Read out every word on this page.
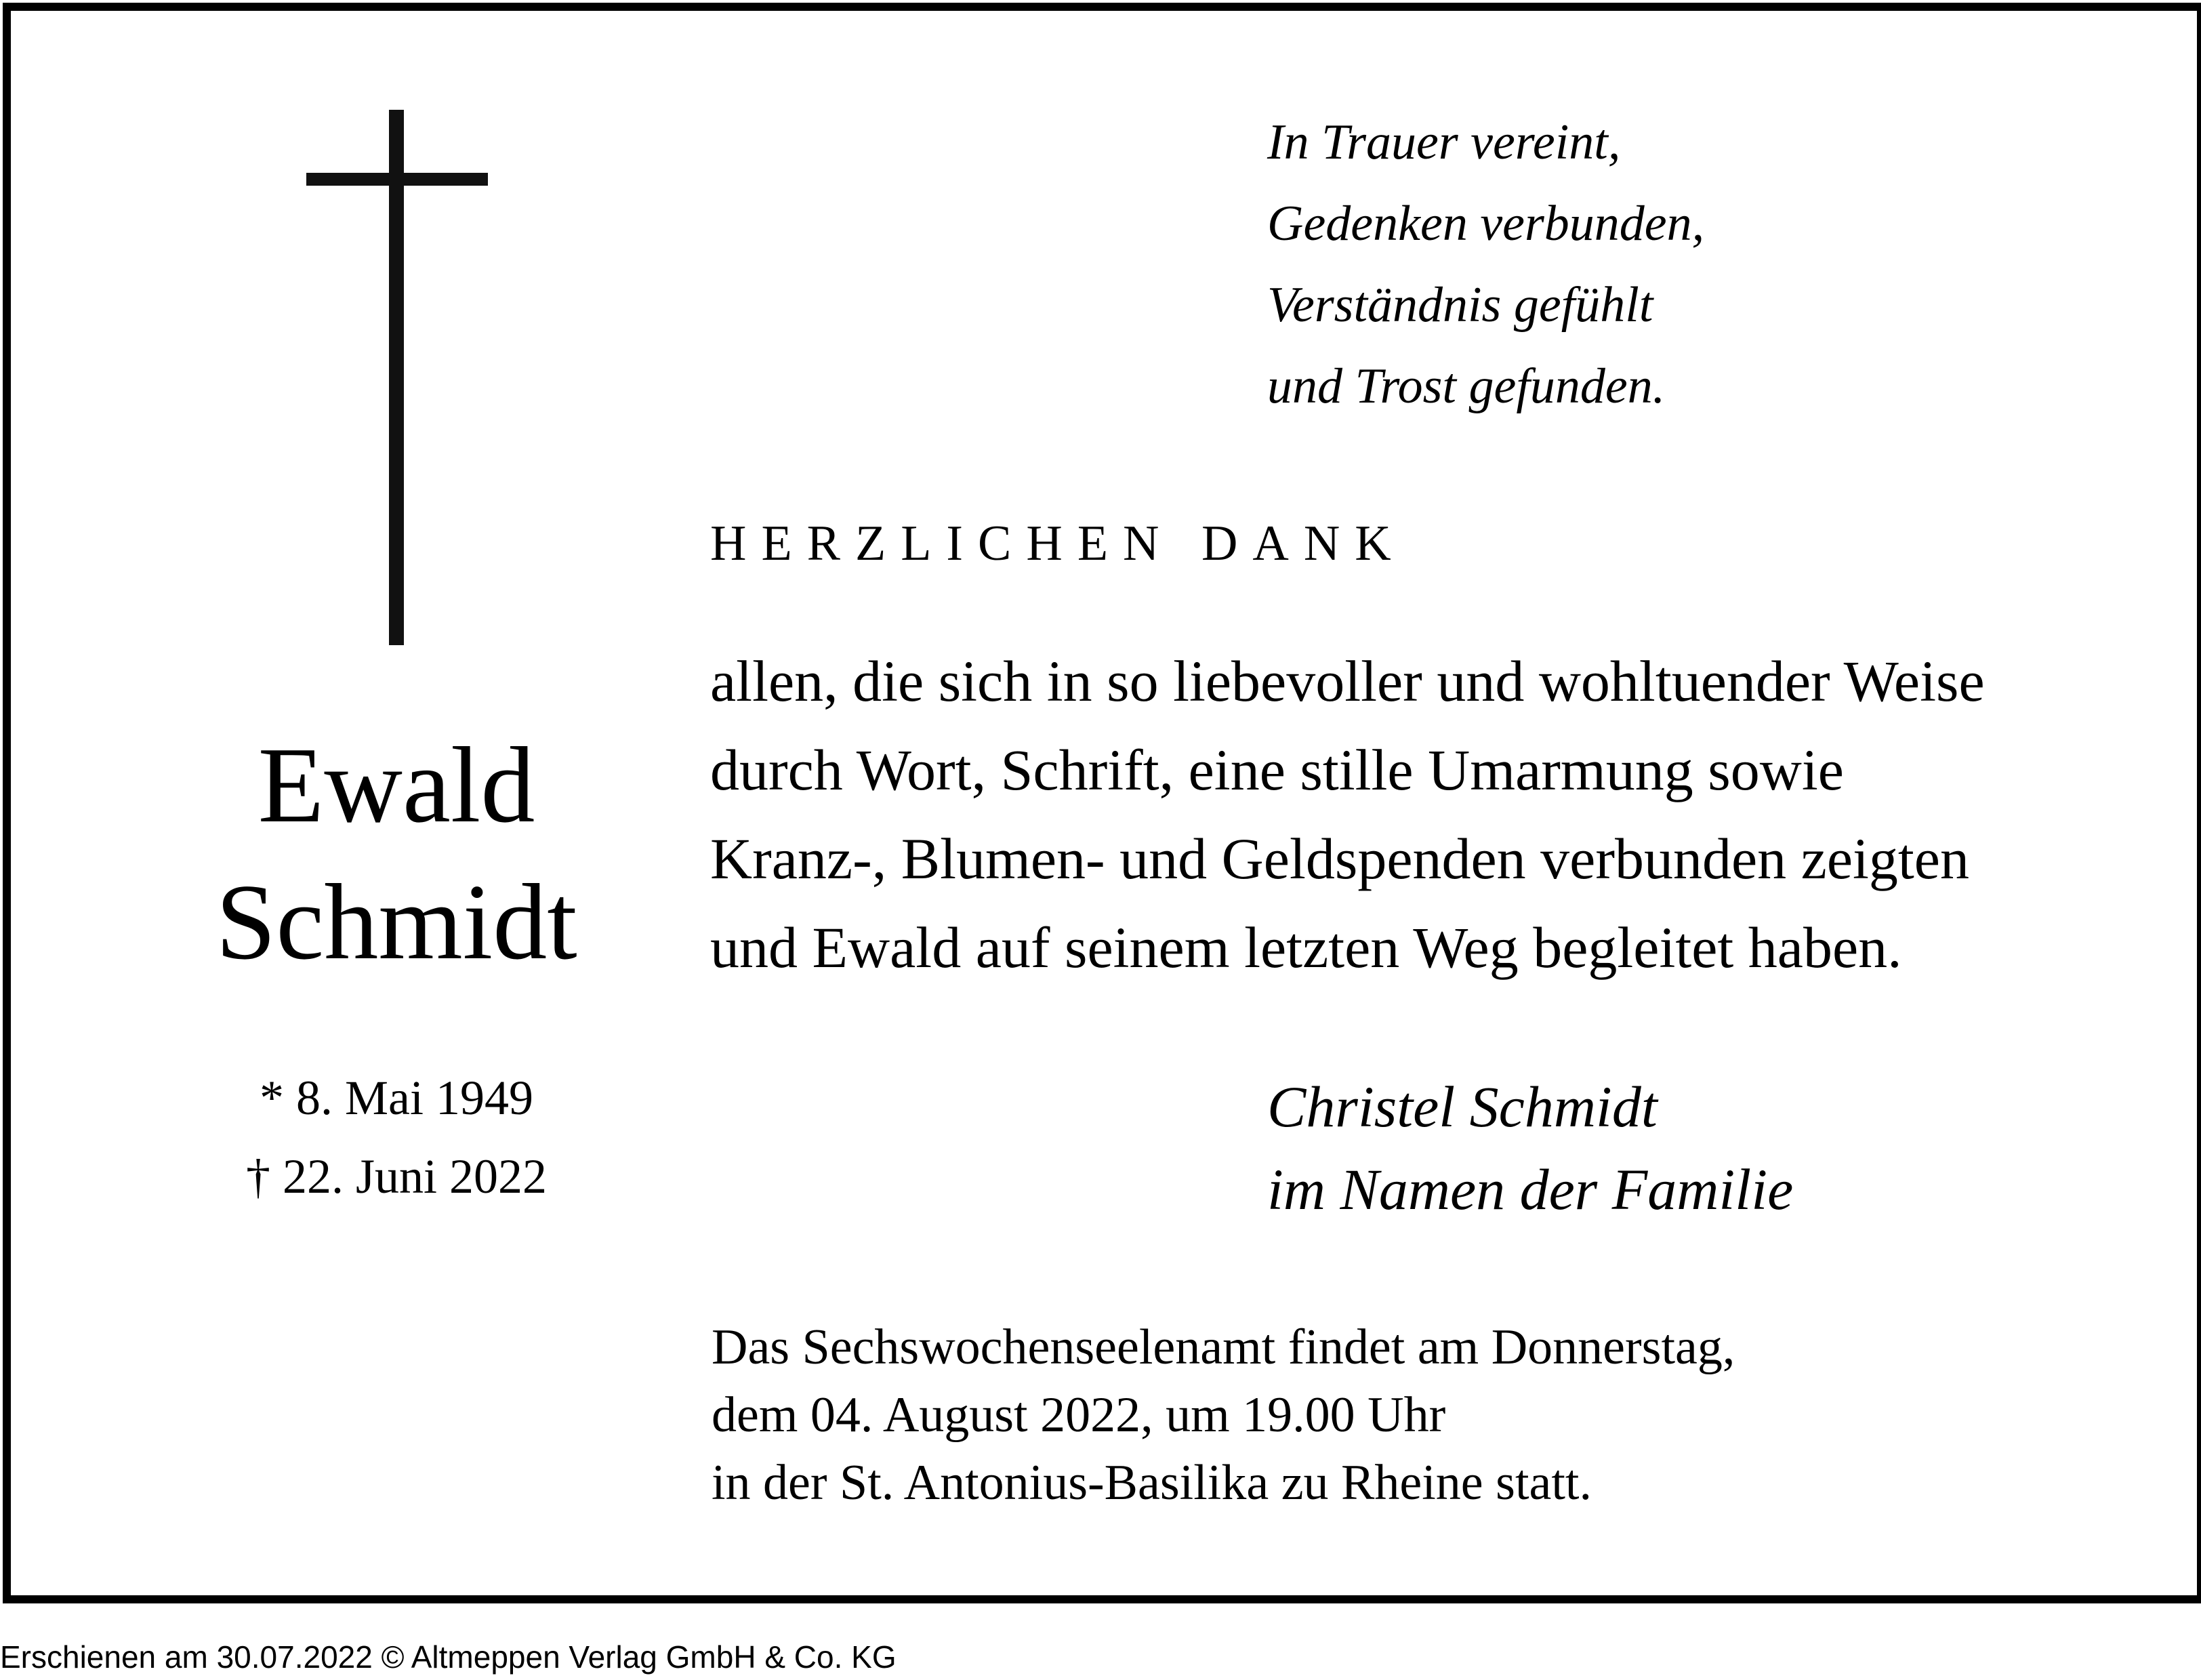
Ewald
Schmidt
* 8. Mai 1949
† 22. Juni 2022
In Trauer vereint,
Gedenken verbunden,
Verständnis gefühlt
und Trost gefunden.
HERZLICHEN DANK
allen, die sich in so liebevoller und wohltuender Weise
durch Wort, Schrift, eine stille Umarmung sowie
Kranz-, Blumen- und Geldspenden verbunden zeigten
und Ewald auf seinem letzten Weg begleitet haben.
Christel Schmidt
im Namen der Familie
Das Sechswochenseelenamt findet am Donnerstag,
dem 04. August 2022, um 19.00 Uhr
in der St. Antonius-Basilika zu Rheine statt.
Erschienen am 30.07.2022 © Altmeppen Verlag GmbH & Co. KG
